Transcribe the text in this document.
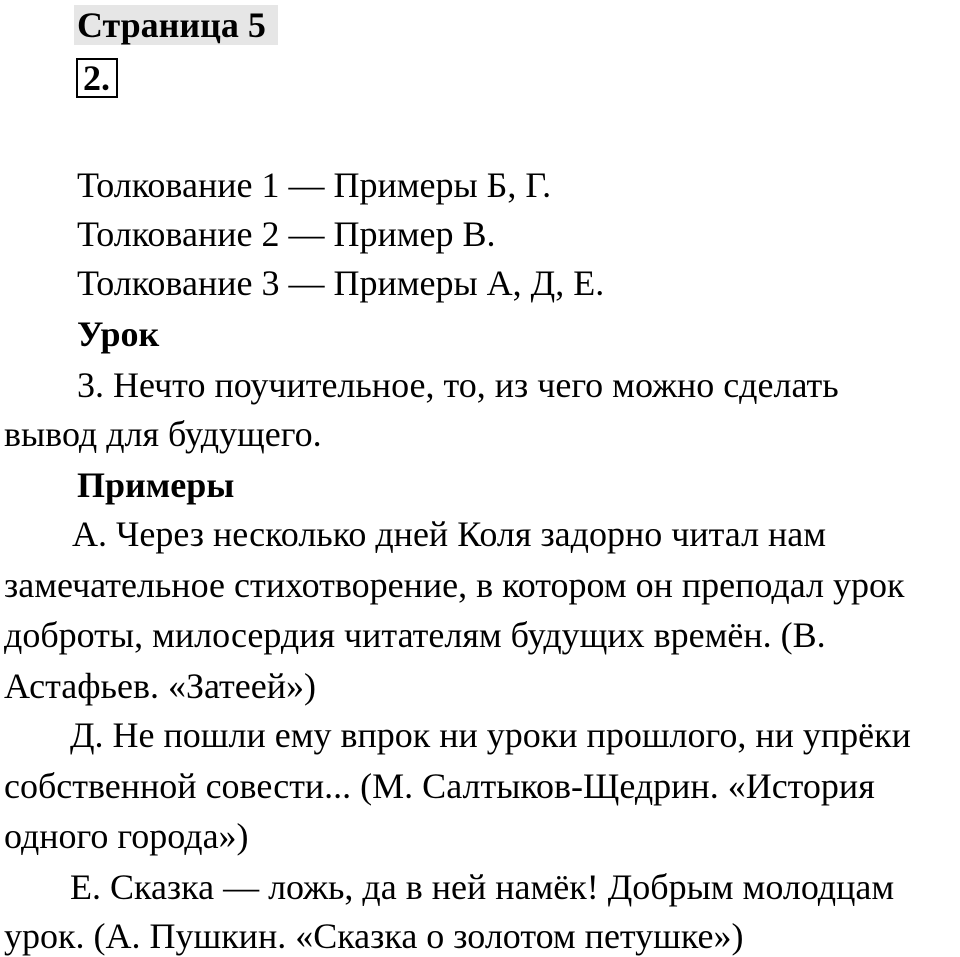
Страница 5
2.
Толкование 1 — Примеры Б, Г.
Толкование 2 — Пример В.
Толкование 3 — Примеры А, Д, Е.
Урок
3. Нечто поучительное, то, из чего можно сделать
вывод для будущего.
Примеры
А. Через несколько дней Коля задорно читал нам
замечательное стихотворение, в котором он преподал урок
доброты, милосердия читателям будущих времён. (В.
Астафьев. «Затеей»)
Д. Не пошли ему впрок ни уроки прошлого, ни упрёки
собственной совести... (М. Салтыков-Щедрин. «История
одного города»)
Е. Сказка — ложь, да в ней намёк! Добрым молодцам
урок. (А. Пушкин. «Сказка о золотом петушке»)
